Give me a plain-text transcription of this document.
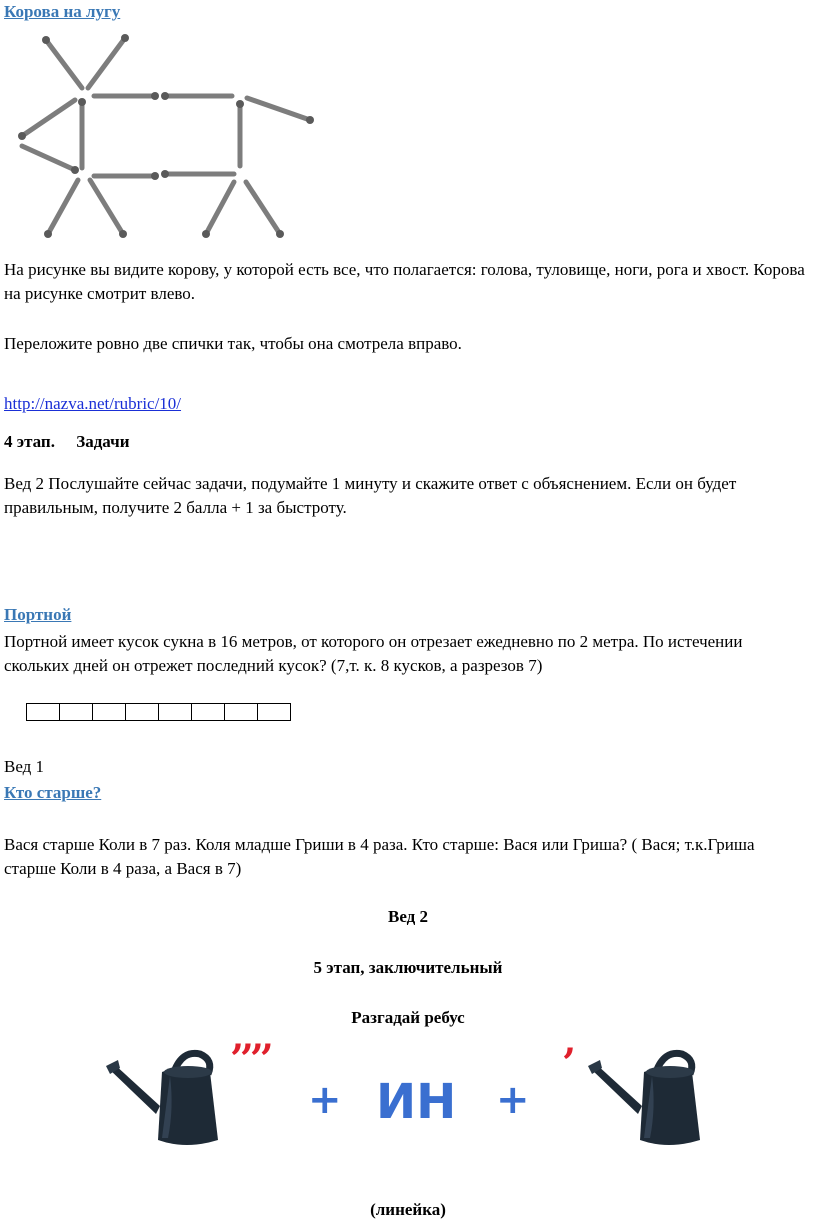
Корова на лугу

На рисунке вы видите корову, у которой есть все, что полагается: голова, туловище, ноги, рога и хвост. Корова на рисунке смотрит влево.

Переложите ровно две спички так, чтобы она смотрела вправо.

http://nazva.net/rubric/10/
4 этап.     Задачи

Вед 2 Послушайте сейчас задачи, подумайте 1 минуту и скажите ответ с объяснением. Если он будет правильным, получите 2 балла + 1 за быстроту.

Портной

Портной имеет кусок сукна в 16 метров, от которого он отрезает ежедневно по 2 метра. По истечении скольких дней он отрежет последний кусок? (7,т. к. 8 кусков, а разрезов 7)

Вед 1
Кто старше?

Вася старше Коли в 7 раз. Коля младше Гриши в 4 раза. Кто старше: Вася или Гриша? ( Вася; т.к.Гриша старше Коли в 4 раза, а Вася в 7)

Вед 2
5 этап, заключительный
Разгадай ребус
’’’’
+ ИН +
’
(линейка)
